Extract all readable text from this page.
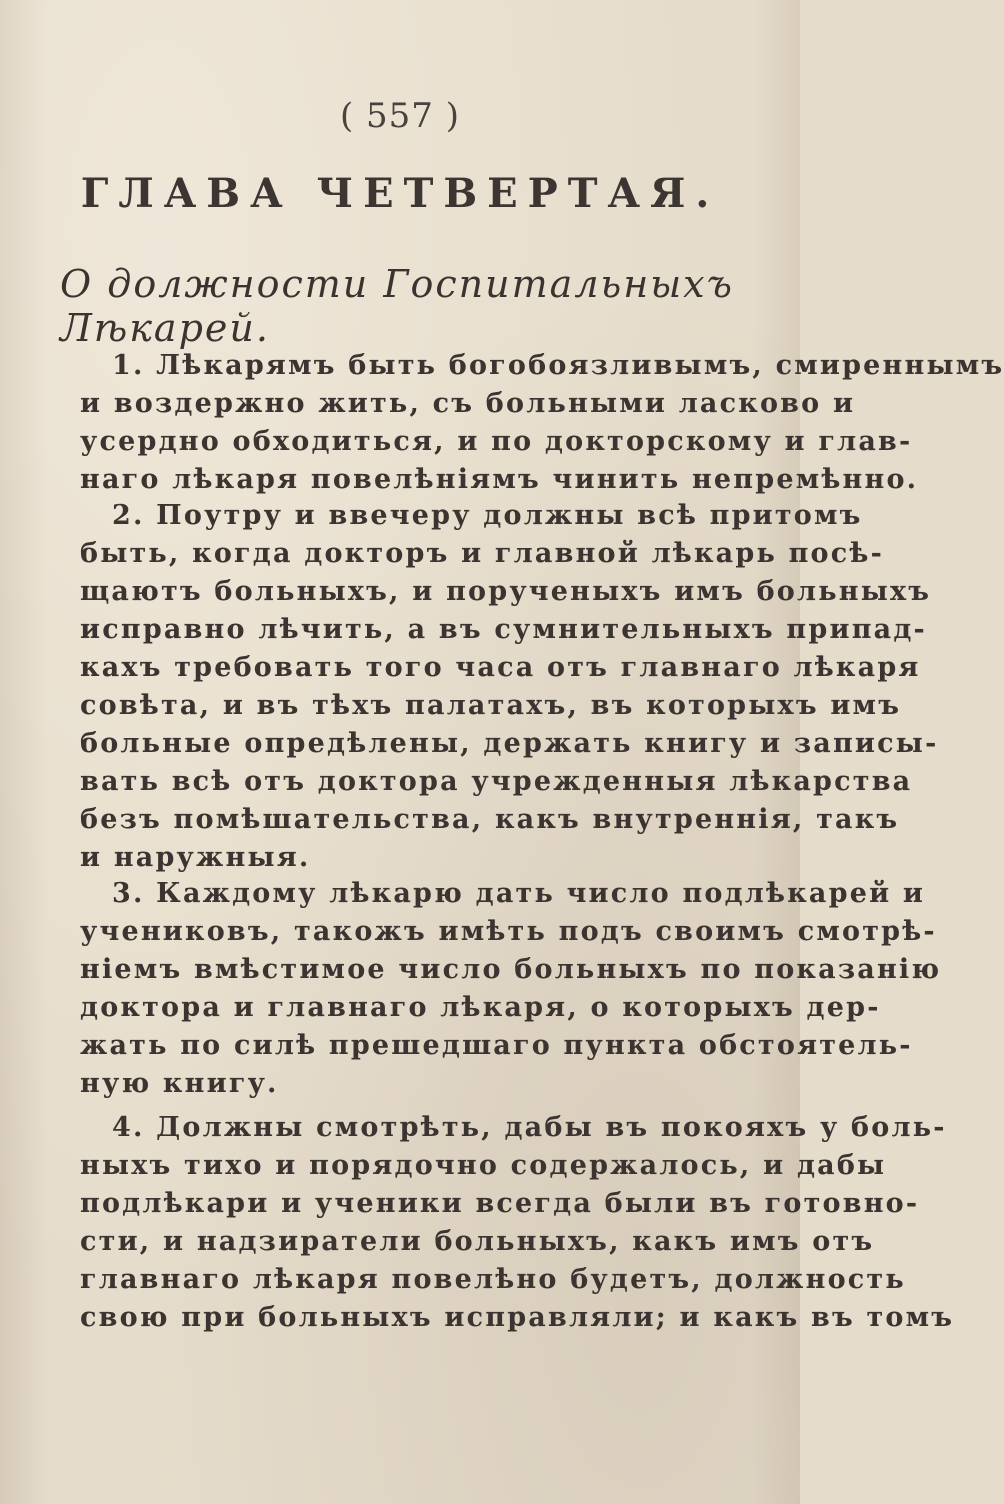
( 557 )
ГЛАВА ЧЕТВЕРТАЯ.
О должности Госпитальныхъ Лѣкарей.
1. Лѣкарямъ быть богобоязливымъ, смиреннымъ
и воздержно жить, съ больными ласково и
усердно обходиться, и по докторскому и глав-
наго лѣкаря повелѣніямъ чинить непремѣнно.
2. Поутру и ввечеру должны всѣ притомъ
быть, когда докторъ и главной лѣкарь посѣ-
щаютъ больныхъ, и порученыхъ имъ больныхъ
исправно лѣчить, а въ сумнительныхъ припад-
кахъ требовать того часа отъ главнаго лѣкаря
совѣта, и въ тѣхъ палатахъ, въ которыхъ имъ
больные опредѣлены, держать книгу и записы-
вать всѣ отъ доктора учрежденныя лѣкарства
безъ помѣшательства, какъ внутреннія, такъ
и наружныя.
3. Каждому лѣкарю дать число подлѣкарей и
учениковъ, такожъ имѣть подъ своимъ смотрѣ-
ніемъ вмѣстимое число больныхъ по показанію
доктора и главнаго лѣкаря, о которыхъ дер-
жать по силѣ прешедшаго пункта обстоятель-
ную книгу.
4. Должны смотрѣть, дабы въ покояхъ у боль-
ныхъ тихо и порядочно содержалось, и дабы
подлѣкари и ученики всегда были въ готовно-
сти, и надзиратели больныхъ, какъ имъ отъ
главнаго лѣкаря повелѣно будетъ, должность
свою при больныхъ исправляли; и какъ въ томъ
